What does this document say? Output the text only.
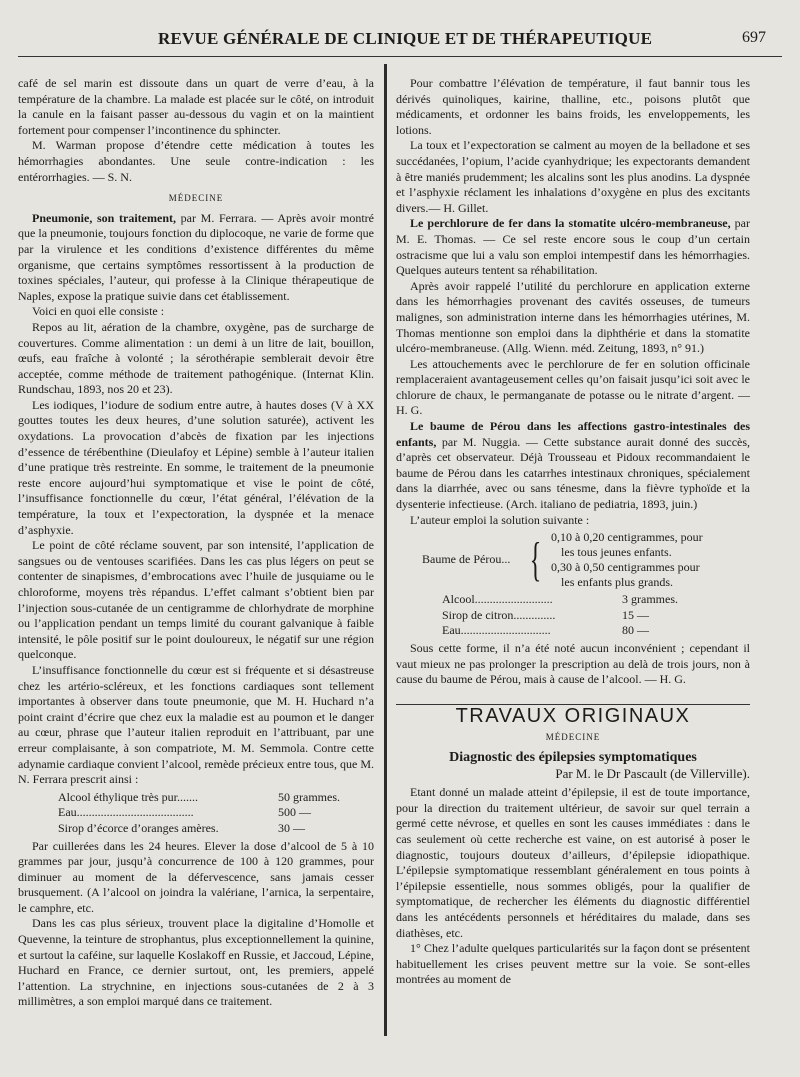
REVUE GÉNÉRALE DE CLINIQUE ET DE THÉRAPEUTIQUE	697

café de sel marin est dissoute dans un quart de verre d’eau, à la température de la chambre. La malade est placée sur le côté, on introduit la canule en la faisant passer au-dessous du vagin et on la maintient fortement pour compenser l’incontinence du sphincter.

M. Warman propose d’étendre cette médication à toutes les hémorrhagies abondantes. Une seule contre-indication : les entérorrhagies. — S. N.

MÉDECINE

Pneumonie, son traitement, par M. Ferrara. — Après avoir montré que la pneumonie, toujours fonction du diplocoque, ne varie de forme que par la virulence et les conditions d’existence différentes du même organisme, que certains symptômes ressortissent à la production de toxines spéciales, l’auteur, qui professe à la Clinique thérapeutique de Naples, expose la pratique suivie dans cet établissement.

Voici en quoi elle consiste :

Repos au lit, aération de la chambre, oxygène, pas de surcharge de couvertures. Comme alimentation : un demi à un litre de lait, bouillon, œufs, eau fraîche à volonté ; la sérothérapie semblerait devoir être acceptée, comme méthode de traitement pathogénique. (Internat Klin. Rundschau, 1893, nos 20 et 23).

Les iodiques, l’iodure de sodium entre autre, à hautes doses (V à XX gouttes toutes les deux heures, d’une solution saturée), activent les oxydations. La provocation d’abcès de fixation par les injections d’essence de térébenthine (Dieulafoy et Lépine) semble à l’auteur italien d’une pratique très restreinte. En somme, le traitement de la pneumonie reste encore aujourd’hui symptomatique et vise le point de côté, l’insuffisance fonctionnelle du cœur, l’état général, l’élévation de la température, la toux et l’expectoration, la dyspnée et la menace d’asphyxie.

Le point de côté réclame souvent, par son intensité, l’application de sangsues ou de ventouses scarifiées. Dans les cas plus légers on peut se contenter de sinapismes, d’embrocations avec l’huile de jusquiame ou le chloroforme, moyens très répandus. L’effet calmant s’obtient bien par l’injection sous-cutanée de un centigramme de chlorhydrate de morphine ou l’application pendant un temps limité du courant galvanique à faible intensité, le pôle positif sur le point douloureux, le négatif sur une région quelconque.

L’insuffisance fonctionnelle du cœur est si fréquente et si désastreuse chez les artério-scléreux, et les fonctions cardiaques sont tellement importantes à observer dans toute pneumonie, que M. H. Huchard n’a point craint d’écrire que chez eux la maladie est au poumon et le danger au cœur, phrase que l’auteur italien reproduit en l’attribuant, par une erreur complaisante, à son compatriote, M. M. Semmola. Contre cette adynamie cardiaque convient l’alcool, remède précieux entre tous, que M. N. Ferrara prescrit ainsi :

Alcool éthylique très pur.......	50 grammes.
Eau.......................................	500 —
Sirop d’écorce d’oranges amères.	30 —

Par cuillerées dans les 24 heures. Elever la dose d’alcool de 5 à 10 grammes par jour, jusqu’à concurrence de 100 à 120 grammes, pour diminuer au moment de la défervescence, sans jamais cesser brusquement. (A l’alcool on joindra la valériane, l’arnica, la serpentaire, le camphre, etc.

Dans les cas plus sérieux, trouvent place la digitaline d’Homolle et Quevenne, la teinture de strophantus, plus exceptionnellement la quinine, et surtout la caféine, sur laquelle Koslakoff en Russie, et Jaccoud, Lépine, Huchard en France, ce dernier surtout, ont, les premiers, appelé l’attention. La strychnine, en injections sous-cutanées de 2 à 3 millimètres, a son emploi marqué dans ce traitement.

Pour combattre l’élévation de température, il faut bannir tous les dérivés quinoliques, kairine, thalline, etc., poisons plutôt que médicaments, et ordonner les bains froids, les enveloppements, les lotions.

La toux et l’expectoration se calment au moyen de la belladone et ses succédanées, l’opium, l’acide cyanhydrique; les expectorants demandent à être maniés prudemment; les alcalins sont les plus anodins. La dyspnée et l’asphyxie réclament les inhalations d’oxygène en plus des excitants divers.— H. Gillet.

Le perchlorure de fer dans la stomatite ulcéro-membraneuse, par M. E. Thomas. — Ce sel reste encore sous le coup d’un certain ostracisme que lui a valu son emploi intempestif dans les hémorrhagies. Quelques auteurs tentent sa réhabilitation.

Après avoir rappelé l’utilité du perchlorure en application externe dans les hémorrhagies provenant des cavités osseuses, de tumeurs malignes, son administration interne dans les hémorrhagies utérines, M. Thomas mentionne son emploi dans la diphthérie et dans la stomatite ulcéro-membraneuse. (Allg. Wienn. méd. Zeitung, 1893, n° 91.)

Les attouchements avec le perchlorure de fer en solution officinale remplaceraient avantageusement celles qu’on faisait jusqu’ici soit avec le chlorure de chaux, le permanganate de potasse ou le nitrate d’argent. — H. G.

Le baume de Pérou dans les affections gastro-intestinales des enfants, par M. Nuggia. — Cette substance aurait donné des succès, d’après cet observateur. Déjà Trousseau et Pidoux recommandaient le baume de Pérou dans les catarrhes intestinaux chroniques, spécialement dans la diarrhée, avec ou sans ténesme, dans la fièvre typhoïde et la dysenterie infectieuse. (Arch. italiano de pediatria, 1893, juin.)

L’auteur emploi la solution suivante :

Baume de Pérou... { 0,10 à 0,20 centigrammes, pour
les tous jeunes enfants.
0,30 à 0,50 centigrammes pour
les enfants plus grands.
Alcool..........................	3 grammes.
Sirop de citron..............	15 —
Eau..............................	80 —

Sous cette forme, il n’a été noté aucun inconvénient ; cependant il vaut mieux ne pas prolonger la prescription au delà de trois jours, non à cause du baume de Pérou, mais à cause de l’alcool. — H. G.

TRAVAUX ORIGINAUX
MÉDECINE
Diagnostic des épilepsies symptomatiques
Par M. le Dr Pascault (de Villerville).

Etant donné un malade atteint d’épilepsie, il est de toute importance, pour la direction du traitement ultérieur, de savoir sur quel terrain a germé cette névrose, et quelles en sont les causes immédiates : dans le cas seulement où cette recherche est vaine, on est autorisé à poser le diagnostic, toujours douteux d’ailleurs, d’épilepsie idiopathique. L’épilepsie symptomatique ressemblant généralement en tous points à l’épilepsie essentielle, nous sommes obligés, pour la qualifier de symptomatique, de rechercher les éléments du diagnostic différentiel dans les antécédents personnels et héréditaires du malade, dans ses diathèses, etc.

1° Chez l’adulte quelques particularités sur la façon dont se présentent habituellement les crises peuvent mettre sur la voie. Se sont-elles montrées au moment de
